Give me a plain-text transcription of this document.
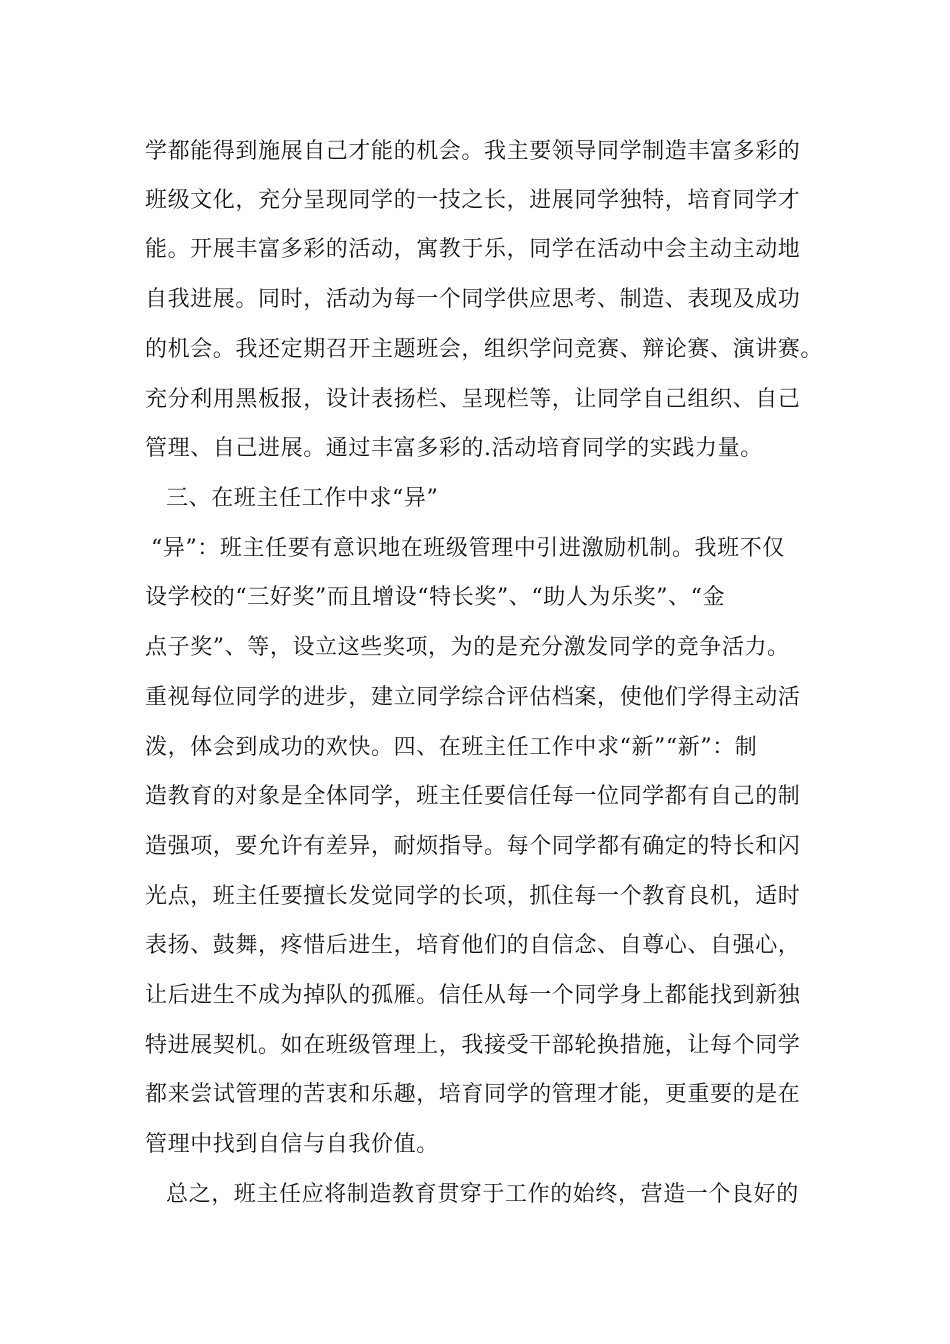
学都能得到施展自己才能的机会。我主要领导同学制造丰富多彩的
班级文化，充分呈现同学的一技之长，进展同学独特，培育同学才
能。开展丰富多彩的活动，寓教于乐，同学在活动中会主动主动地
自我进展。同时，活动为每一个同学供应思考、制造、表现及成功
的机会。我还定期召开主题班会，组织学问竞赛、辩论赛、演讲赛。
充分利用黑板报，设计表扬栏、呈现栏等，让同学自己组织、自己
管理、自己进展。通过丰富多彩的.活动培育同学的实践力量。
三、在班主任工作中求“异”
“异”：班主任要有意识地在班级管理中引进激励机制。我班不仅
设学校的“三好奖”而且增设“特长奖”、“助人为乐奖”、“金
点子奖”、等，设立这些奖项，为的是充分激发同学的竞争活力。
重视每位同学的进步，建立同学综合评估档案，使他们学得主动活
泼，体会到成功的欢快。四、在班主任工作中求“新”“新”：制
造教育的对象是全体同学，班主任要信任每一位同学都有自己的制
造强项，要允许有差异，耐烦指导。每个同学都有确定的特长和闪
光点，班主任要擅长发觉同学的长项，抓住每一个教育良机，适时
表扬、鼓舞，疼惜后进生，培育他们的自信念、自尊心、自强心，
让后进生不成为掉队的孤雁。信任从每一个同学身上都能找到新独
特进展契机。如在班级管理上，我接受干部轮换措施，让每个同学
都来尝试管理的苦衷和乐趣，培育同学的管理才能，更重要的是在
管理中找到自信与自我价值。
总之，班主任应将制造教育贯穿于工作的始终，营造一个良好的
